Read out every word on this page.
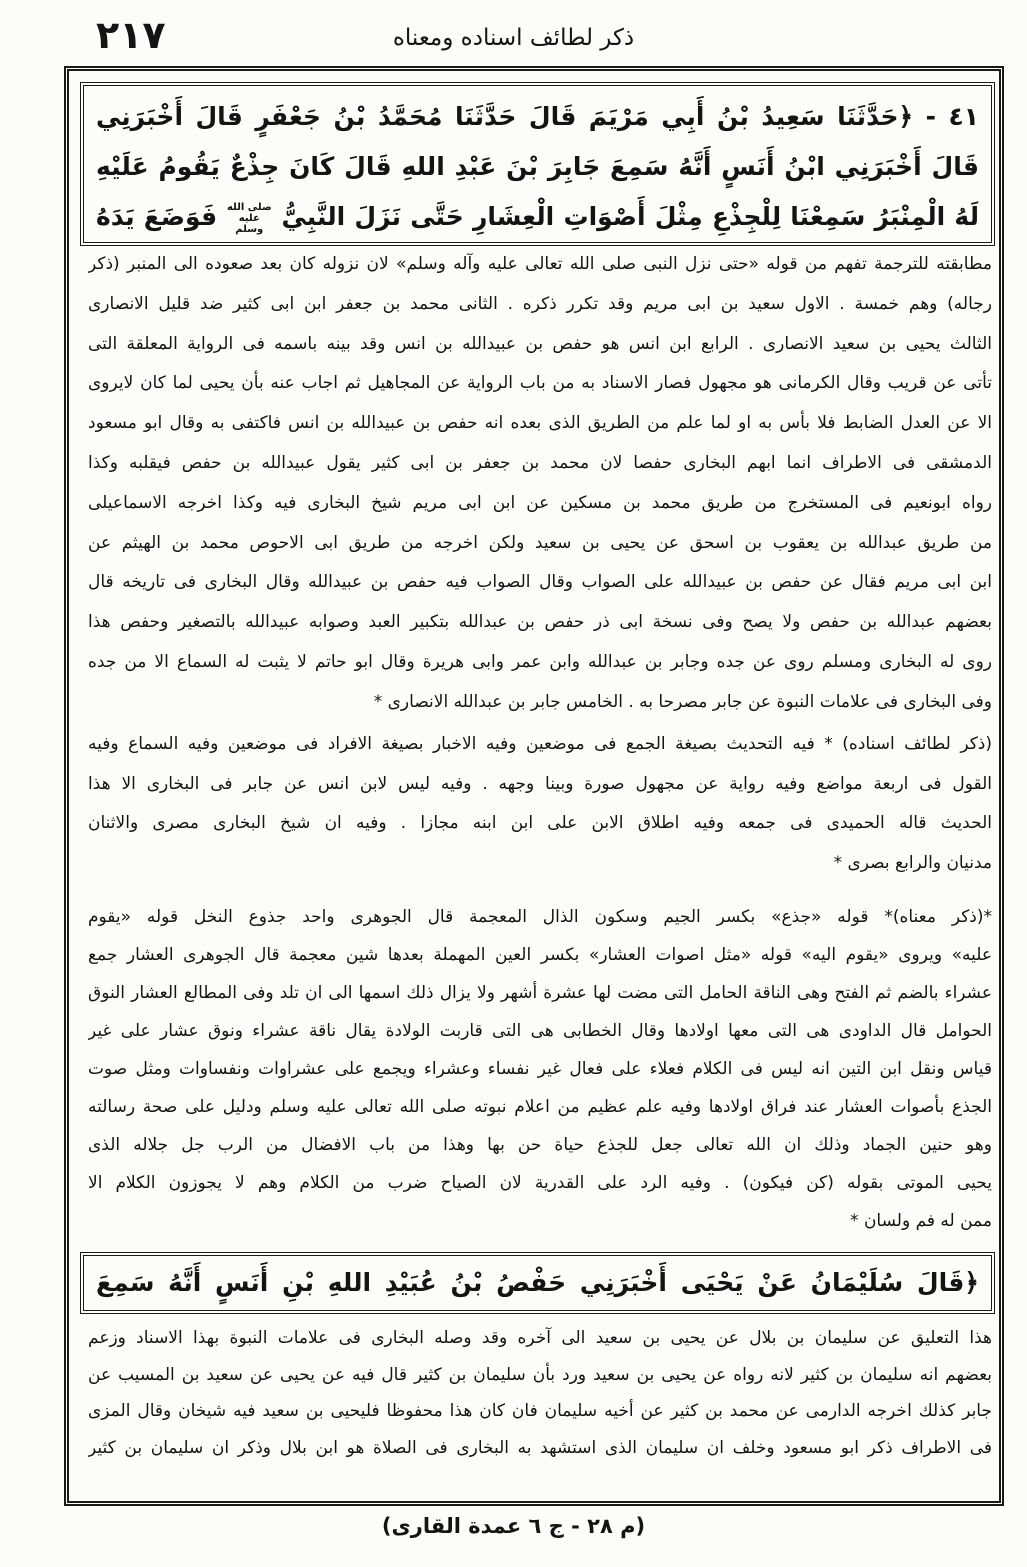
٢١٧	ذكر لطائف اسناده ومعناه
٤١ - ﴿حَدَّثَنَا سَعِيدُ بْنُ أَبِي مَرْيَمَ قَالَ حَدَّثَنَا مُحَمَّدُ بْنُ جَعْفَرٍ قَالَ أَخْبَرَنِي
قَالَ أَخْبَرَنِي ابْنُ أَنَسٍ أَنَّهُ سَمِعَ جَابِرَ بْنَ عَبْدِ اللهِ قَالَ كَانَ جِذْعٌ يَقُومُ عَلَيْهِ
لَهُ الْمِنْبَرُ سَمِعْنَا لِلْجِذْعِ مِثْلَ أَصْوَاتِ الْعِشَارِ حَتَّى نَزَلَ النَّبِيُّ صلى الله عليه وسلم فَوَضَعَ يَدَهُ
مطابقته للترجمة تفهم من قوله «حتى نزل النبى صلى الله تعالى عليه وآله وسلم» لان نزوله كان بعد صعوده الى المنبر (ذكر
رجاله) وهم خمسة . الاول سعيد بن ابى مريم وقد تكرر ذكره . الثانى محمد بن جعفر ابن ابى كثير ضد قليل الانصارى
الثالث يحيى بن سعيد الانصارى . الرابع ابن انس هو حفص بن عبيدالله بن انس وقد بينه باسمه فى الرواية المعلقة التى
تأتى عن قريب وقال الكرمانى هو مجهول فصار الاسناد به من باب الرواية عن المجاهيل ثم اجاب عنه بأن يحيى لما كان لايروى
الا عن العدل الضابط فلا بأس به او لما علم من الطريق الذى بعده انه حفص بن عبيدالله بن انس فاكتفى به وقال ابو مسعود
الدمشقى فى الاطراف انما ابهم البخارى حفصا لان محمد بن جعفر بن ابى كثير يقول عبيدالله بن حفص فيقلبه وكذا
رواه ابونعيم فى المستخرج من طريق محمد بن مسكين عن ابن ابى مريم شيخ البخارى فيه وكذا اخرجه الاسماعيلى
من طريق عبدالله بن يعقوب بن اسحق عن يحيى بن سعيد ولكن اخرجه من طريق ابى الاحوص محمد بن الهيثم عن
ابن ابى مريم فقال عن حفص بن عبيدالله على الصواب وقال الصواب فيه حفص بن عبيدالله وقال البخارى فى تاريخه قال
بعضهم عبدالله بن حفص ولا يصح وفى نسخة ابى ذر حفص بن عبدالله بتكبير العبد وصوابه عبيدالله بالتصغير وحفص هذا
روى له البخارى ومسلم روى عن جده وجابر بن عبدالله وابن عمر وابى هريرة وقال ابو حاتم لا يثبت له السماع الا من جده
وفى البخارى فى علامات النبوة عن جابر مصرحا به . الخامس جابر بن عبدالله الانصارى *
(ذكر لطائف اسناده) * فيه التحديث بصيغة الجمع فى موضعين وفيه الاخبار بصيغة الافراد فى موضعين وفيه السماع وفيه
القول فى اربعة مواضع وفيه رواية عن مجهول صورة وبينا وجهه . وفيه ليس لابن انس عن جابر فى البخارى الا هذا
الحديث قاله الحميدى فى جمعه وفيه اطلاق الابن على ابن ابنه مجازا . وفيه ان شيخ البخارى مصرى والاثنان
مدنيان والرابع بصرى *
*(ذكر معناه)* قوله «جذع» بكسر الجيم وسكون الذال المعجمة قال الجوهرى واحد جذوع النخل قوله «يقوم
عليه» ويروى «يقوم اليه» قوله «مثل اصوات العشار» بكسر العين المهملة بعدها شين معجمة قال الجوهرى العشار جمع
عشراء بالضم ثم الفتح وهى الناقة الحامل التى مضت لها عشرة أشهر ولا يزال ذلك اسمها الى ان تلد وفى المطالع العشار النوق
الحوامل قال الداودى هى التى معها اولادها وقال الخطابى هى التى قاربت الولادة يقال ناقة عشراء ونوق عشار على غير
قياس ونقل ابن التين انه ليس فى الكلام فعلاء على فعال غير نفساء وعشراء ويجمع على عشراوات ونفساوات ومثل صوت
الجذع بأصوات العشار عند فراق اولادها وفيه علم عظيم من اعلام نبوته صلى الله تعالى عليه وسلم ودليل على صحة رسالته
وهو حنين الجماد وذلك ان الله تعالى جعل للجذع حياة حن بها وهذا من باب الافضال من الرب جل جلاله الذى
يحيى الموتى بقوله (كن فيكون) . وفيه الرد على القدرية لان الصياح ضرب من الكلام وهم لا يجوزون الكلام الا
ممن له فم ولسان *
﴿قَالَ سُلَيْمَانُ عَنْ يَحْيَى أَخْبَرَنِي حَفْصُ بْنُ عُبَيْدِ اللهِ بْنِ أَنَسٍ أَنَّهُ سَمِعَ
هذا التعليق عن سليمان بن بلال عن يحيى بن سعيد الى آخره وقد وصله البخارى فى علامات النبوة بهذا الاسناد وزعم
بعضهم انه سليمان بن كثير لانه رواه عن يحيى بن سعيد ورد بأن سليمان بن كثير قال فيه عن يحيى عن سعيد بن المسيب عن
جابر كذلك اخرجه الدارمى عن محمد بن كثير عن أخيه سليمان فان كان هذا محفوظا فليحيى بن سعيد فيه شيخان وقال المزى
فى الاطراف ذكر ابو مسعود وخلف ان سليمان الذى استشهد به البخارى فى الصلاة هو ابن بلال وذكر ان سليمان بن كثير
(م ٢٨ - ج ٦ عمدة القارى)
